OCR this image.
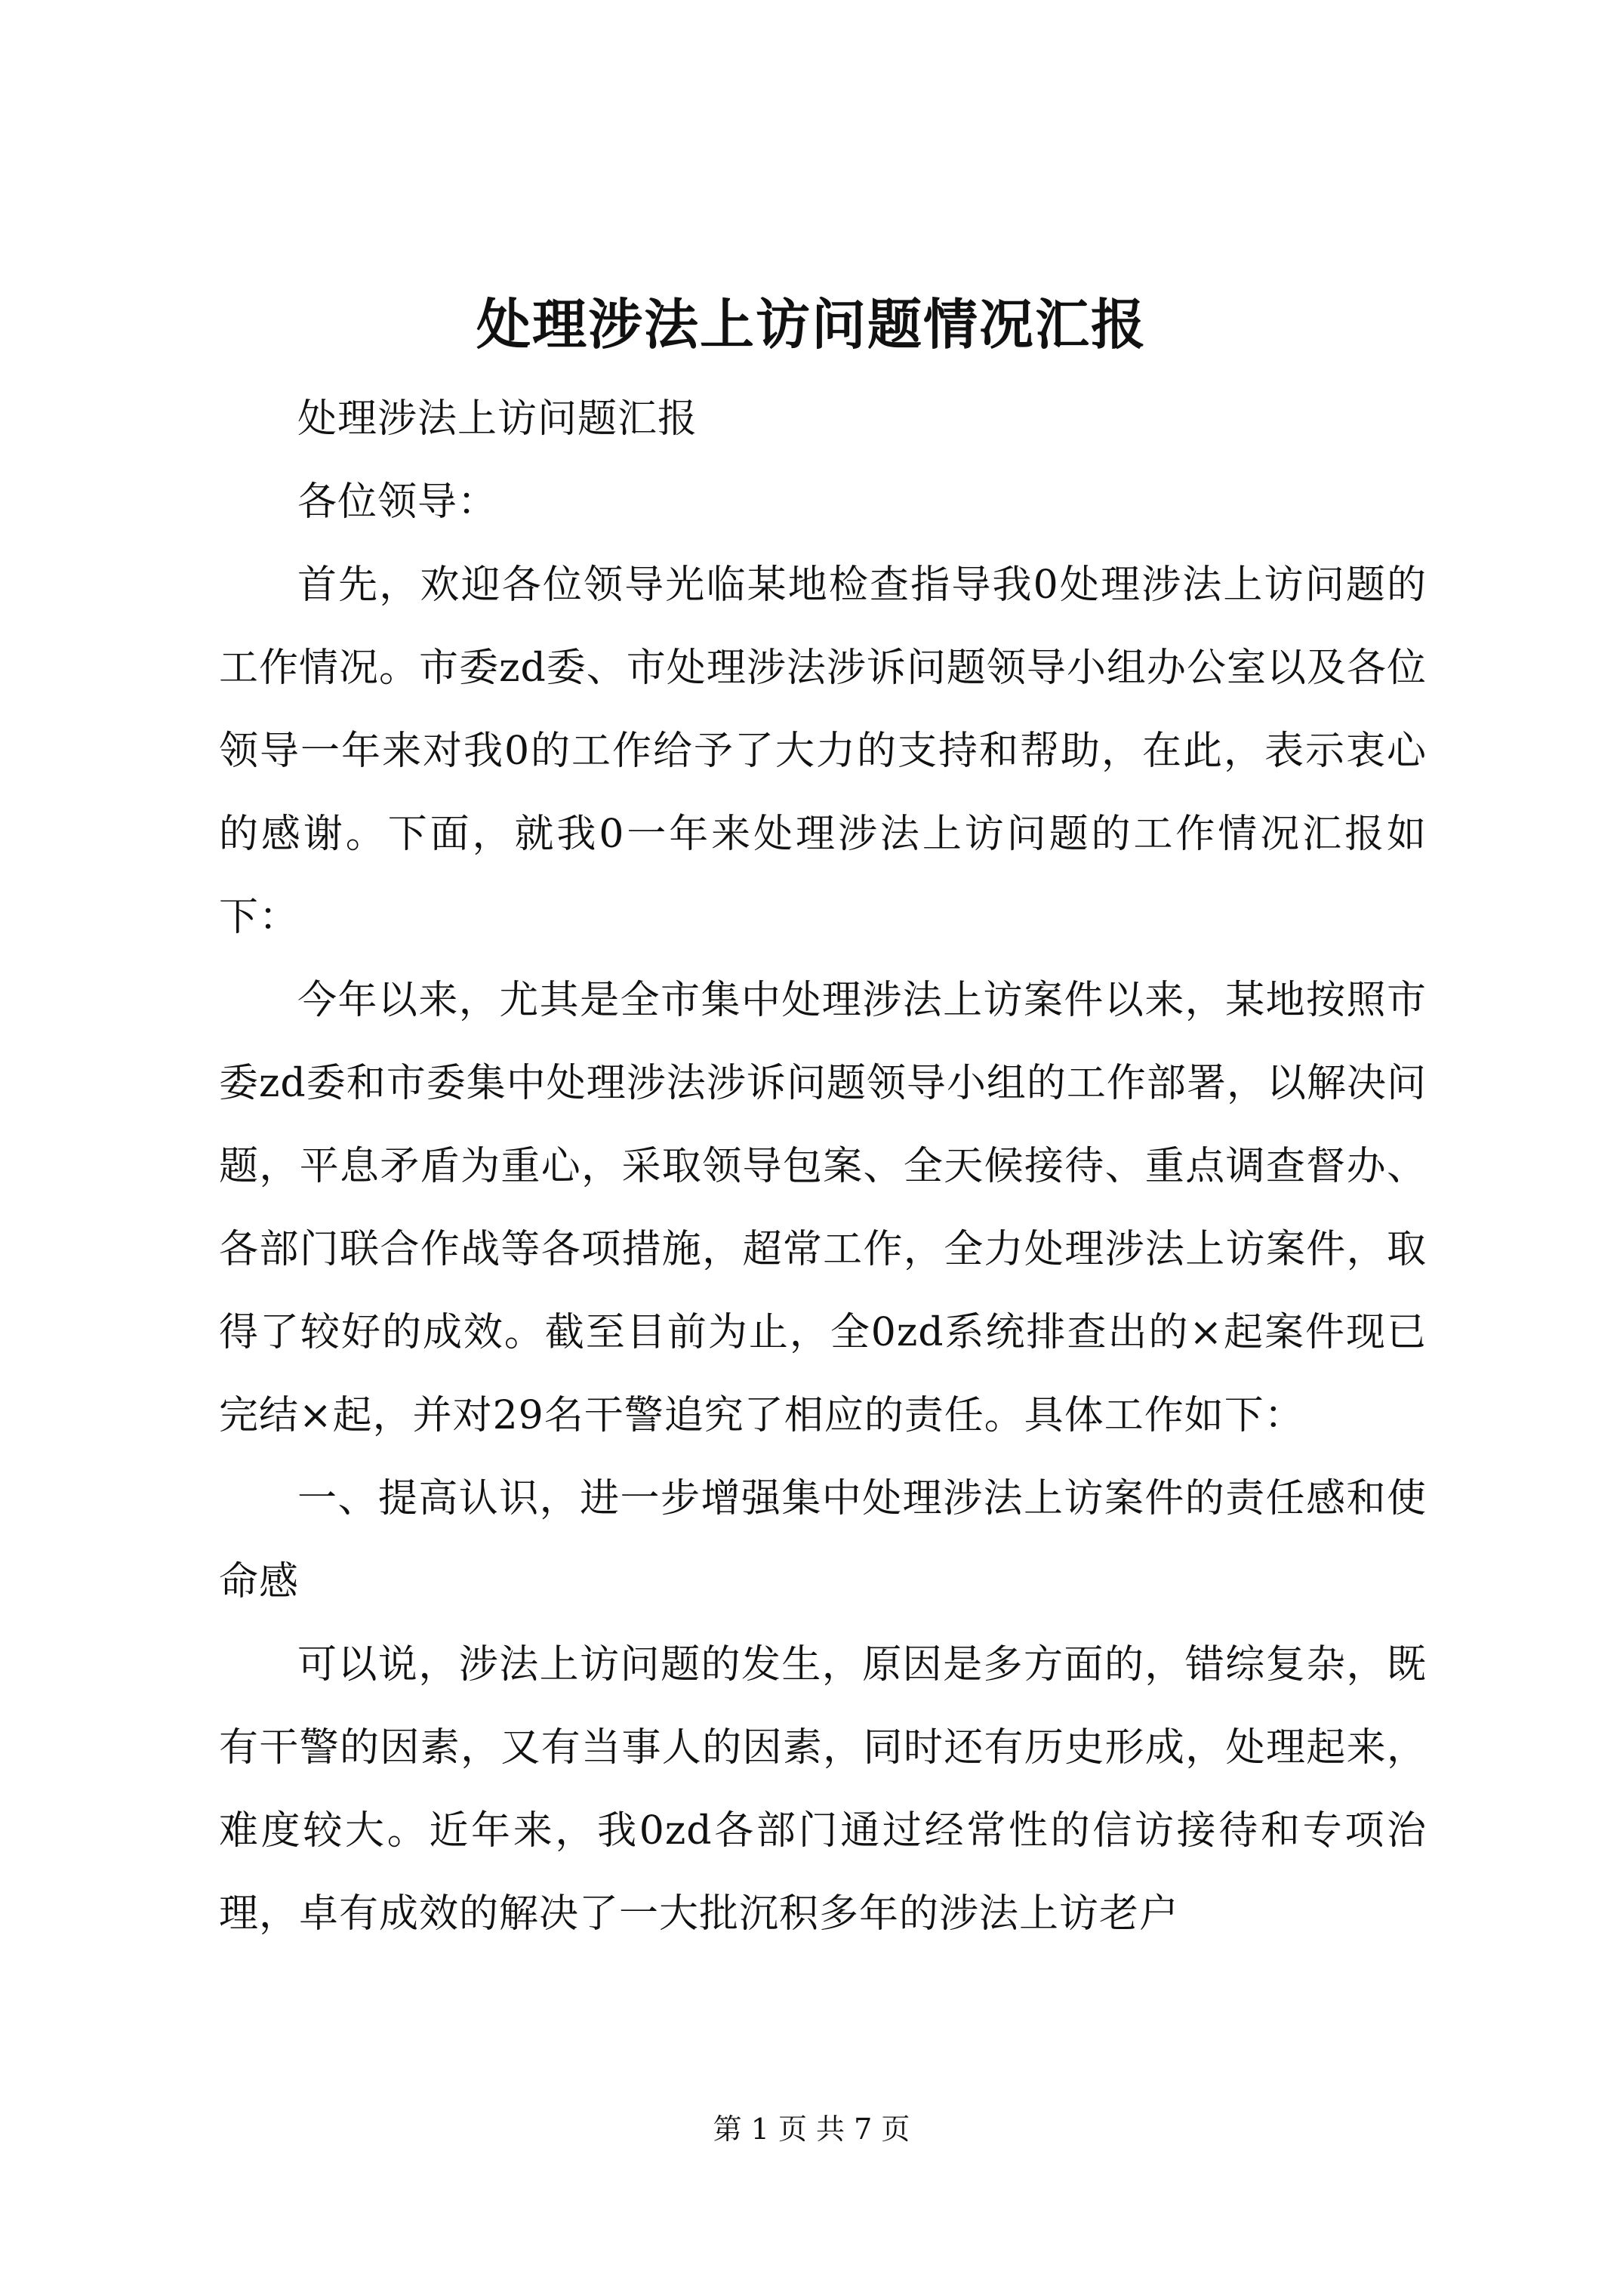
处理涉法上访问题情况汇报

处理涉法上访问题汇报

各位领导：

首先，欢迎各位领导光临某地检查指导我0处理涉法上访问题的工作情况。市委zd委、市处理涉法涉诉问题领导小组办公室以及各位领导一年来对我0的工作给予了大力的支持和帮助，在此，表示衷心的感谢。下面，就我0一年来处理涉法上访问题的工作情况汇报如下：

今年以来，尤其是全市集中处理涉法上访案件以来，某地按照市委zd委和市委集中处理涉法涉诉问题领导小组的工作部署，以解决问题，平息矛盾为重心，采取领导包案、全天候接待、重点调查督办、各部门联合作战等各项措施，超常工作，全力处理涉法上访案件，取得了较好的成效。截至目前为止，全0zd系统排查出的×起案件现已完结×起，并对29名干警追究了相应的责任。具体工作如下：

一、提高认识，进一步增强集中处理涉法上访案件的责任感和使命感

可以说，涉法上访问题的发生，原因是多方面的，错综复杂，既有干警的因素，又有当事人的因素，同时还有历史形成，处理起来，难度较大。近年来，我0zd各部门通过经常性的信访接待和专项治理，卓有成效的解决了一大批沉积多年的涉法上访老户

第 1 页 共 7 页
